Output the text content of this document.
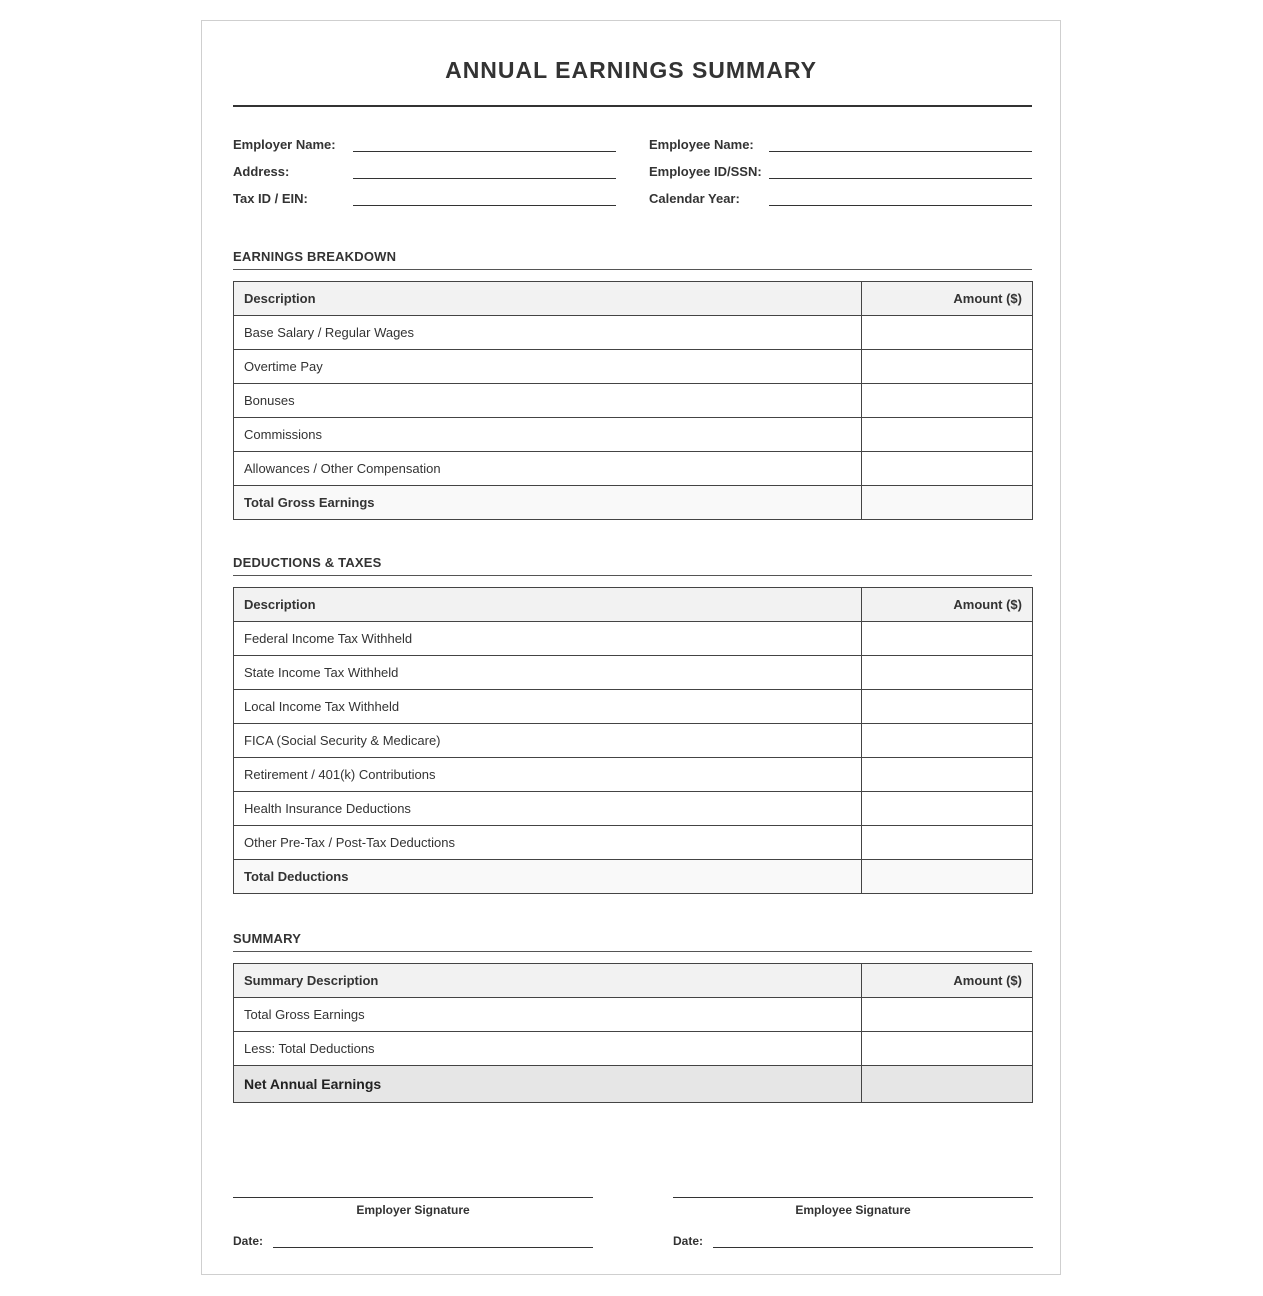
ANNUAL EARNINGS SUMMARY
Employer Name:
Address:
Tax ID / EIN:
Employee Name:
Employee ID/SSN:
Calendar Year:
EARNINGS BREAKDOWN
Description	Amount ($)
Base Salary / Regular Wages	
Overtime Pay	
Bonuses	
Commissions	
Allowances / Other Compensation	
Total Gross Earnings	
DEDUCTIONS & TAXES
Description	Amount ($)
Federal Income Tax Withheld	
State Income Tax Withheld	
Local Income Tax Withheld	
FICA (Social Security & Medicare)	
Retirement / 401(k) Contributions	
Health Insurance Deductions	
Other Pre-Tax / Post-Tax Deductions	
Total Deductions	
SUMMARY
Summary Description	Amount ($)
Total Gross Earnings	
Less: Total Deductions	
Net Annual Earnings	
Employer Signature
Date:
Employee Signature
Date:
